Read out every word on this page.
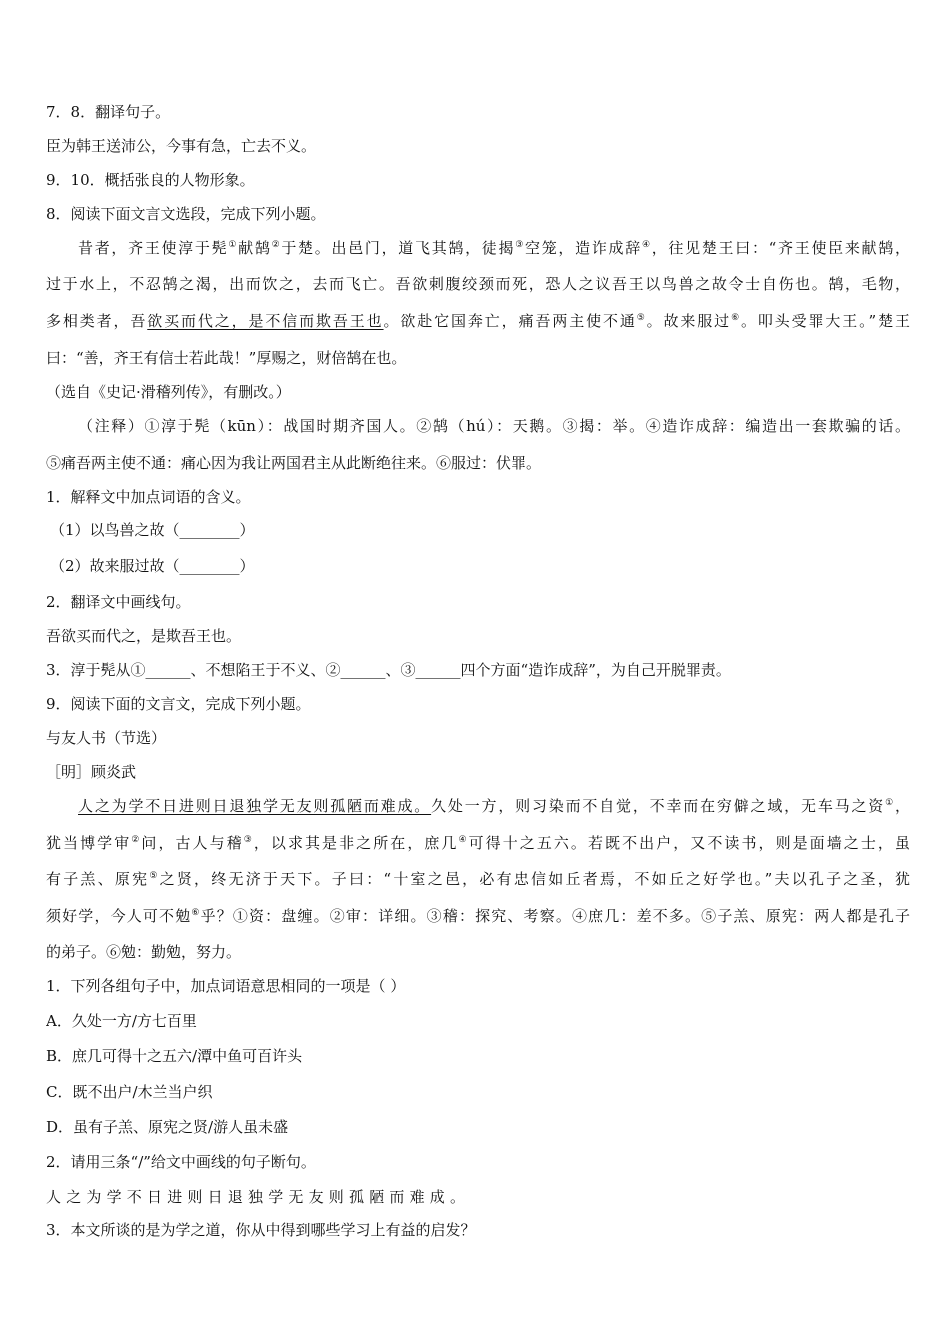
7．8．翻译句子。
臣为韩王送沛公，今事有急，亡去不义。
9．10．概括张良的人物形象。
8．阅读下面文言文选段，完成下列小题。
昔者，齐王使淳于髡①献鹄②于楚。出邑门，道飞其鹄，徒揭③空笼，造诈成辞④，往见楚王曰：“齐王使臣来献鹄，
过于水上，不忍鹄之渴，出而饮之，去而飞亡。吾欲刺腹绞颈而死，恐人之议吾王以鸟兽之故令士自伤也。鹄，毛物，
多相类者，吾欲买而代之，是不信而欺吾王也。欲赴它国奔亡，痛吾两主使不通⑤。故来服过⑥。叩头受罪大王。”楚王
曰：“善，齐王有信士若此哉！”厚赐之，财倍鹄在也。
（选自《史记·滑稽列传》，有删改。）
（注释）①淳于髡（kūn）：战国时期齐国人。②鹄（hú）：天鹅。③揭：举。④造诈成辞：编造出一套欺骗的话。
⑤痛吾两主使不通：痛心因为我让两国君主从此断绝往来。⑥服过：伏罪。
1．解释文中加点词语的含义。
（1）以鸟兽之故（________）
（2）故来服过故（________）
2．翻译文中画线句。
吾欲买而代之，是欺吾王也。
3．淳于髡从①______、不想陷王于不义、②______、③______四个方面“造诈成辞”，为自己开脱罪责。
9．阅读下面的文言文，完成下列小题。
与友人书（节选）
［明］顾炎武
人之为学不日进则日退独学无友则孤陋而难成。久处一方，则习染而不自觉，不幸而在穷僻之域，无车马之资①，
犹当博学审②问，古人与稽③，以求其是非之所在，庶几④可得十之五六。若既不出户，又不读书，则是面墙之士，虽
有子羔、原宪⑤之贤，终无济于天下。子曰：“十室之邑，必有忠信如丘者焉，不如丘之好学也。”夫以孔子之圣，犹
须好学，今人可不勉⑥乎？①资：盘缠。②审：详细。③稽：探究、考察。④庶几：差不多。⑤子羔、原宪：两人都是孔子
的弟子。⑥勉：勤勉，努力。
1．下列各组句子中，加点词语意思相同的一项是（ ）
A．久处一方/方七百里
B．庶几可得十之五六/潭中鱼可百许头
C．既不出户/木兰当户织
D．虽有子羔、原宪之贤/游人虽未盛
2．请用三条“/”给文中画线的句子断句。
人之为学不日进则日退独学无友则孤陋而难成。
3．本文所谈的是为学之道，你从中得到哪些学习上有益的启发？
